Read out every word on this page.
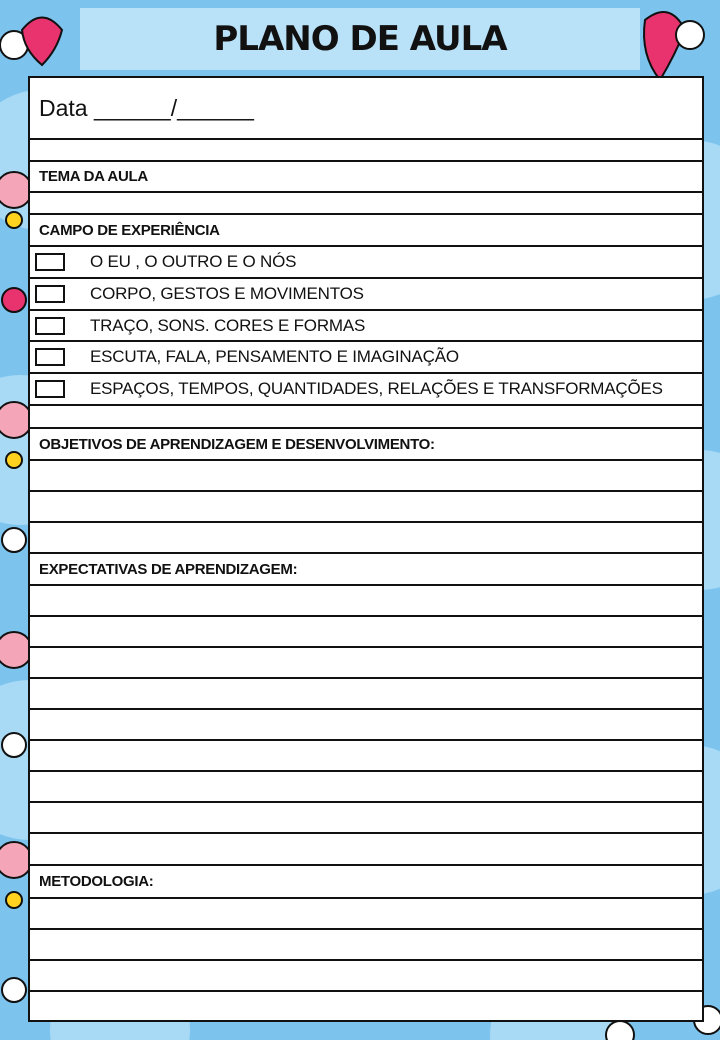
PLANO DE AULA
Data ______/______
TEMA DA AULA
CAMPO DE EXPERIÊNCIA
O EU , O OUTRO E O NÓS
CORPO, GESTOS E MOVIMENTOS
TRAÇO, SONS. CORES E FORMAS
ESCUTA, FALA, PENSAMENTO E IMAGINAÇÃO
ESPAÇOS, TEMPOS, QUANTIDADES, RELAÇÕES E TRANSFORMAÇÕES
OBJETIVOS DE APRENDIZAGEM E DESENVOLVIMENTO:
EXPECTATIVAS DE APRENDIZAGEM:
METODOLOGIA:
